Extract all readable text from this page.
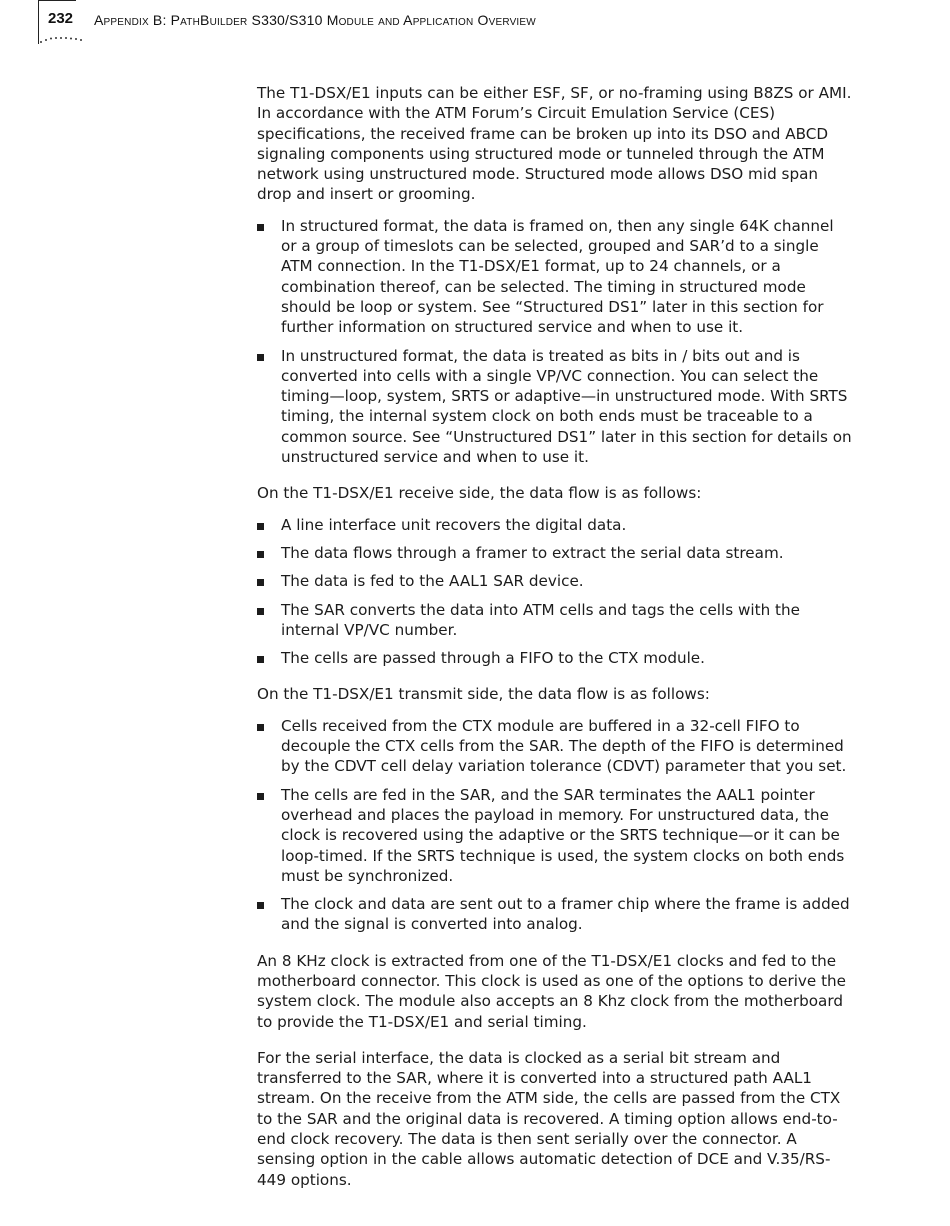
232 Appendix B: PathBuilder S330/S310 Module and Application Overview

The T1-DSX/E1 inputs can be either ESF, SF, or no-framing using B8ZS or AMI. In accordance with the ATM Forum’s Circuit Emulation Service (CES) specifications, the received frame can be broken up into its DSO and ABCD signaling components using structured mode or tunneled through the ATM network using unstructured mode. Structured mode allows DSO mid span drop and insert or grooming.

In structured format, the data is framed on, then any single 64K channel or a group of timeslots can be selected, grouped and SAR’d to a single ATM connection. In the T1-DSX/E1 format, up to 24 channels, or a combination thereof, can be selected. The timing in structured mode should be loop or system. See “Structured DS1” later in this section for further information on structured service and when to use it.
In unstructured format, the data is treated as bits in / bits out and is converted into cells with a single VP/VC connection. You can select the timing—loop, system, SRTS or adaptive—in unstructured mode. With SRTS timing, the internal system clock on both ends must be traceable to a common source. See “Unstructured DS1” later in this section for details on unstructured service and when to use it.

On the T1-DSX/E1 receive side, the data flow is as follows:

A line interface unit recovers the digital data.
The data flows through a framer to extract the serial data stream.
The data is fed to the AAL1 SAR device.
The SAR converts the data into ATM cells and tags the cells with the internal VP/VC number.
The cells are passed through a FIFO to the CTX module.

On the T1-DSX/E1 transmit side, the data flow is as follows:

Cells received from the CTX module are buffered in a 32-cell FIFO to decouple the CTX cells from the SAR. The depth of the FIFO is determined by the CDVT cell delay variation tolerance (CDVT) parameter that you set.
The cells are fed in the SAR, and the SAR terminates the AAL1 pointer overhead and places the payload in memory. For unstructured data, the clock is recovered using the adaptive or the SRTS technique—or it can be loop-timed. If the SRTS technique is used, the system clocks on both ends must be synchronized.
The clock and data are sent out to a framer chip where the frame is added and the signal is converted into analog.

An 8 KHz clock is extracted from one of the T1-DSX/E1 clocks and fed to the motherboard connector. This clock is used as one of the options to derive the system clock. The module also accepts an 8 Khz clock from the motherboard to provide the T1-DSX/E1 and serial timing.

For the serial interface, the data is clocked as a serial bit stream and transferred to the SAR, where it is converted into a structured path AAL1 stream. On the receive from the ATM side, the cells are passed from the CTX to the SAR and the original data is recovered. A timing option allows end-to-end clock recovery. The data is then sent serially over the connector. A sensing option in the cable allows automatic detection of DCE and V.35/RS-449 options.
